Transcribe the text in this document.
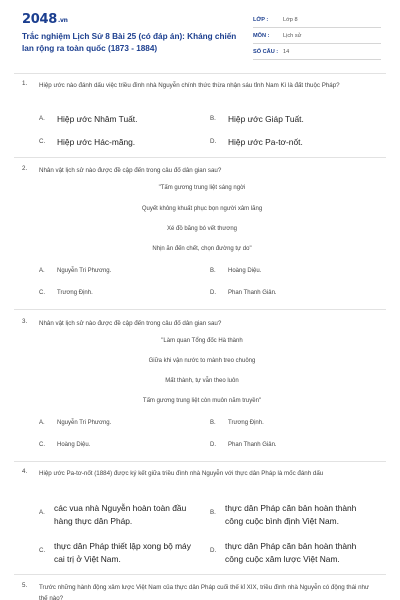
2048.vn
Trắc nghiệm Lịch Sử 8 Bài 25 (có đáp án): Kháng chiến lan rộng ra toàn quốc (1873 - 1884)
LỚP :	Lớp 8
MÔN : Lịch sử
SỐ CÂU : 14
1. Hiệp ước nào đánh dấu việc triều đình nhà Nguyễn chính thức thừa nhận sáu tỉnh Nam Kì là đất thuộc Pháp?
A. Hiệp ước Nhâm Tuất.	B. Hiệp ước Giáp Tuất.
C. Hiệp ước Hác-măng.	D. Hiệp ước Pa-tơ-nốt.
2. Nhân vật lịch sử nào được đề cập đến trong câu đố dân gian sau?
"Tấm gương trung liệt sáng ngời
Quyết không khuất phục bọn người xâm lăng
Xé đồ băng bó vết thương
Nhịn ăn đến chết, chọn đường tự do"
A. Nguyễn Tri Phương.	B. Hoàng Diệu.
C. Trương Định.	D. Phan Thanh Giản.
3. Nhân vật lịch sử nào được đề cập đến trong câu đố dân gian sau?
"Làm quan Tổng đốc Hà thành
Giữa khi vận nước to mành treo chuông
Mất thành, tự vẫn theo luôn
Tấm gương trung liệt còn muôn năm truyền"
A. Nguyễn Tri Phương.	B. Trương Định.
C. Hoàng Diệu.	D. Phan Thanh Giản.
4. Hiệp ước Pa-tơ-nốt (1884) được ký kết giữa triều đình nhà Nguyễn với thực dân Pháp là mốc đánh dấu
A. các vua nhà Nguyễn hoàn toàn đầu
hàng thực dân Pháp.
B. thực dân Pháp căn bản hoàn thành
công cuộc bình định Việt Nam.
C. thực dân Pháp thiết lập xong bộ máy
cai trị ở Việt Nam.
D. thực dân Pháp căn bản hoàn thành
công cuộc xâm lược Việt Nam.
5. Trước những hành động xâm lược Việt Nam của thực dân Pháp cuối thế kỉ XIX, triều đình nhà Nguyễn có động thái như thế nào?
